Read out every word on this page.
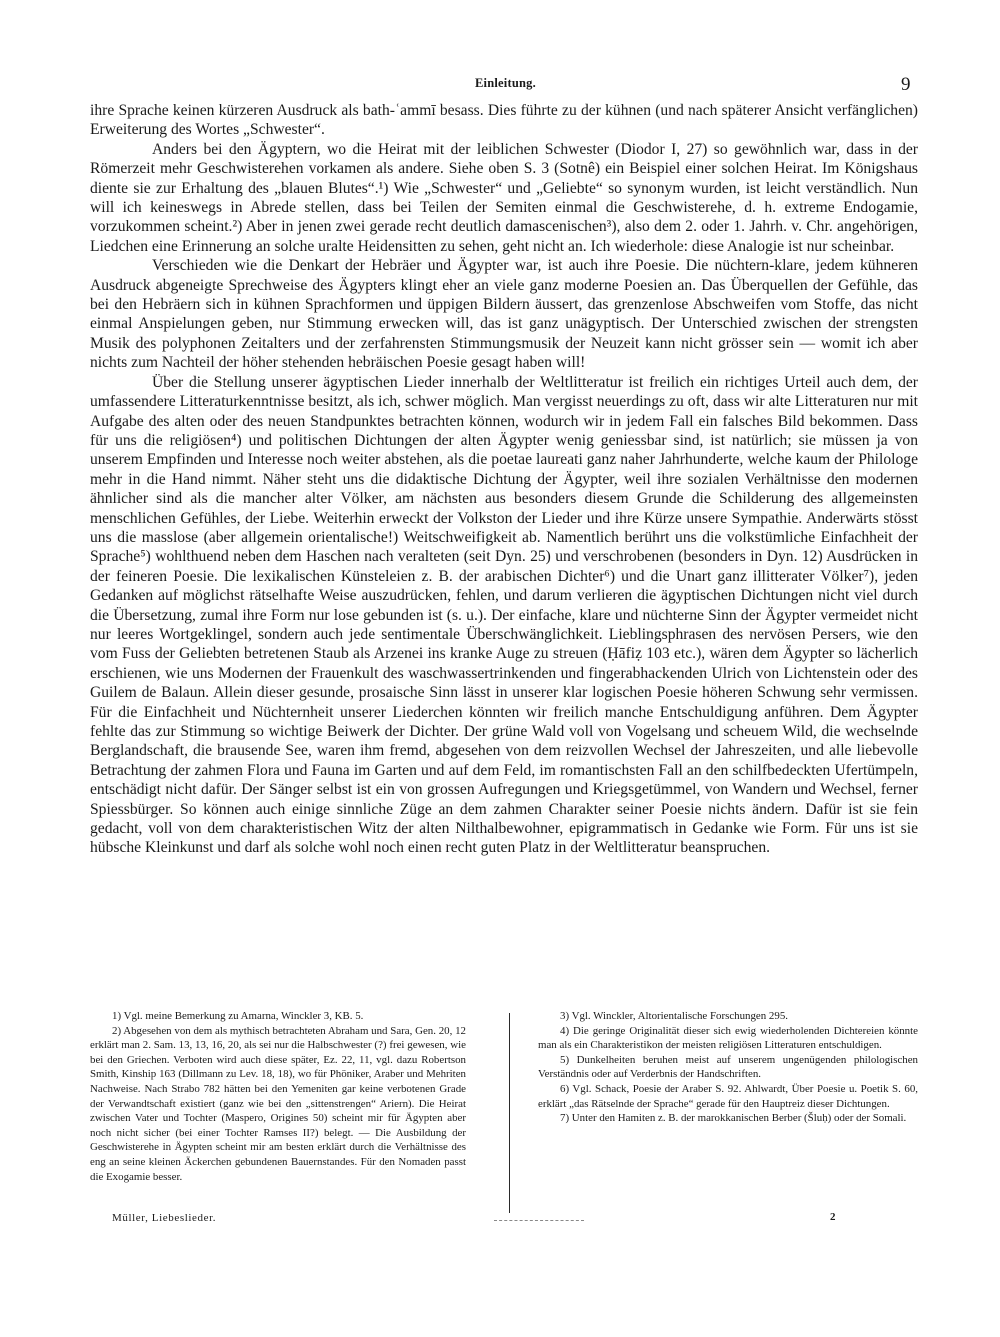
Einleitung.	9

ihre Sprache keinen kürzeren Ausdruck als bath-ʿammī besass. Dies führte zu der kühnen (und nach späterer Ansicht verfänglichen) Erweiterung des Wortes „Schwester“.

Anders bei den Ägyptern, wo die Heirat mit der leiblichen Schwester (Diodor I, 27) so gewöhnlich war, dass in der Römerzeit mehr Geschwisterehen vorkamen als andere. Siehe oben S. 3 (Sotnê) ein Beispiel einer solchen Heirat. Im Königshaus diente sie zur Erhaltung des „blauen Blutes“.¹) Wie „Schwester“ und „Geliebte“ so synonym wurden, ist leicht verständlich. Nun will ich keineswegs in Abrede stellen, dass bei Teilen der Semiten einmal die Geschwisterehe, d. h. extreme Endogamie, vorzukommen scheint.²) Aber in jenen zwei gerade recht deutlich damascenischen³), also dem 2. oder 1. Jahrh. v. Chr. angehörigen, Liedchen eine Erinnerung an solche uralte Heidensitten zu sehen, geht nicht an. Ich wiederhole: diese Analogie ist nur scheinbar.

Verschieden wie die Denkart der Hebräer und Ägypter war, ist auch ihre Poesie. Die nüchtern-klare, jedem kühneren Ausdruck abgeneigte Sprechweise des Ägypters klingt eher an viele ganz moderne Poesien an. Das Überquellen der Gefühle, das bei den Hebräern sich in kühnen Sprachformen und üppigen Bildern äussert, das grenzenlose Abschweifen vom Stoffe, das nicht einmal Anspielungen geben, nur Stimmung erwecken will, das ist ganz unägyptisch. Der Unterschied zwischen der strengsten Musik des polyphonen Zeitalters und der zerfahrensten Stimmungsmusik der Neuzeit kann nicht grösser sein — womit ich aber nichts zum Nachteil der höher stehenden hebräischen Poesie gesagt haben will!

Über die Stellung unserer ägyptischen Lieder innerhalb der Weltlitteratur ist freilich ein richtiges Urteil auch dem, der umfassendere Litteraturkenntnisse besitzt, als ich, schwer möglich. Man vergisst neuerdings zu oft, dass wir alte Litteraturen nur mit Aufgabe des alten oder des neuen Standpunktes betrachten können, wodurch wir in jedem Fall ein falsches Bild bekommen. Dass für uns die religiösen⁴) und politischen Dichtungen der alten Ägypter wenig geniessbar sind, ist natürlich; sie müssen ja von unserem Empfinden und Interesse noch weiter abstehen, als die poetae laureati ganz naher Jahrhunderte, welche kaum der Philologe mehr in die Hand nimmt. Näher steht uns die didaktische Dichtung der Ägypter, weil ihre sozialen Verhältnisse den modernen ähnlicher sind als die mancher alter Völker, am nächsten aus besonders diesem Grunde die Schilderung des allgemeinsten menschlichen Gefühles, der Liebe. Weiterhin erweckt der Volkston der Lieder und ihre Kürze unsere Sympathie. Anderwärts stösst uns die masslose (aber allgemein orientalische!) Weitschweifigkeit ab. Namentlich berührt uns die volkstümliche Einfachheit der Sprache⁵) wohlthuend neben dem Haschen nach veralteten (seit Dyn. 25) und verschrobenen (besonders in Dyn. 12) Ausdrücken in der feineren Poesie. Die lexikalischen Künsteleien z. B. der arabischen Dichter⁶) und die Unart ganz illitterater Völker⁷), jeden Gedanken auf möglichst rätselhafte Weise auszudrücken, fehlen, und darum verlieren die ägyptischen Dichtungen nicht viel durch die Übersetzung, zumal ihre Form nur lose gebunden ist (s. u.). Der einfache, klare und nüchterne Sinn der Ägypter vermeidet nicht nur leeres Wortgeklingel, sondern auch jede sentimentale Überschwänglichkeit. Lieblingsphrasen des nervösen Persers, wie den vom Fuss der Geliebten betretenen Staub als Arzenei ins kranke Auge zu streuen (Ḥāfiẓ 103 etc.), wären dem Ägypter so lächerlich erschienen, wie uns Modernen der Frauenkult des waschwassertrinkenden und fingerabhackenden Ulrich von Lichtenstein oder des Guilem de Balaun. Allein dieser gesunde, prosaische Sinn lässt in unserer klar logischen Poesie höheren Schwung sehr vermissen. Für die Einfachheit und Nüchternheit unserer Liederchen könnten wir freilich manche Entschuldigung anführen. Dem Ägypter fehlte das zur Stimmung so wichtige Beiwerk der Dichter. Der grüne Wald voll von Vogelsang und scheuem Wild, die wechselnde Berglandschaft, die brausende See, waren ihm fremd, abgesehen von dem reizvollen Wechsel der Jahreszeiten, und alle liebevolle Betrachtung der zahmen Flora und Fauna im Garten und auf dem Feld, im romantischsten Fall an den schilfbedeckten Ufertümpeln, entschädigt nicht dafür. Der Sänger selbst ist ein von grossen Aufregungen und Kriegsgetümmel, von Wandern und Wechsel, ferner Spiessbürger. So können auch einige sinnliche Züge an dem zahmen Charakter seiner Poesie nichts ändern. Dafür ist sie fein gedacht, voll von dem charakteristischen Witz der alten Nilthalbewohner, epigrammatisch in Gedanke wie Form. Für uns ist sie hübsche Kleinkunst und darf als solche wohl noch einen recht guten Platz in der Weltlitteratur beanspruchen.

1) Vgl. meine Bemerkung zu Amarna, Winckler 3, KB. 5.

2) Abgesehen von dem als mythisch betrachteten Abraham und Sara, Gen. 20, 12 erklärt man 2. Sam. 13, 13, 16, 20, als sei nur die Halbschwester (?) frei gewesen, wie bei den Griechen. Verboten wird auch diese später, Ez. 22, 11, vgl. dazu Robertson Smith, Kinship 163 (Dillmann zu Lev. 18, 18), wo für Phöniker, Araber und Mehriten Nachweise. Nach Strabo 782 hätten bei den Yemeniten gar keine verbotenen Grade der Verwandtschaft existiert (ganz wie bei den „sittenstrengen“ Ariern). Die Heirat zwischen Vater und Tochter (Maspero, Origines 50) scheint mir für Ägypten aber noch nicht sicher (bei einer Tochter Ramses II?) belegt. — Die Ausbildung der Geschwisterehe in Ägypten scheint mir am besten erklärt durch die Verhältnisse des eng an seine kleinen Äckerchen gebundenen Bauernstandes. Für den Nomaden passt die Exogamie besser.

3) Vgl. Winckler, Altorientalische Forschungen 295.

4) Die geringe Originalität dieser sich ewig wiederholenden Dichtereien könnte man als ein Charakteristikon der meisten religiösen Litteraturen entschuldigen.

5) Dunkelheiten beruhen meist auf unserem ungenügenden philologischen Verständnis oder auf Verderbnis der Handschriften.

6) Vgl. Schack, Poesie der Araber S. 92. Ahlwardt, Über Poesie u. Poetik S. 60, erklärt „das Rätselnde der Sprache“ gerade für den Hauptreiz dieser Dichtungen.

7) Unter den Hamiten z. B. der marokkanischen Berber (Šluḥ) oder der Somali.

Müller, Liebeslieder.	2
